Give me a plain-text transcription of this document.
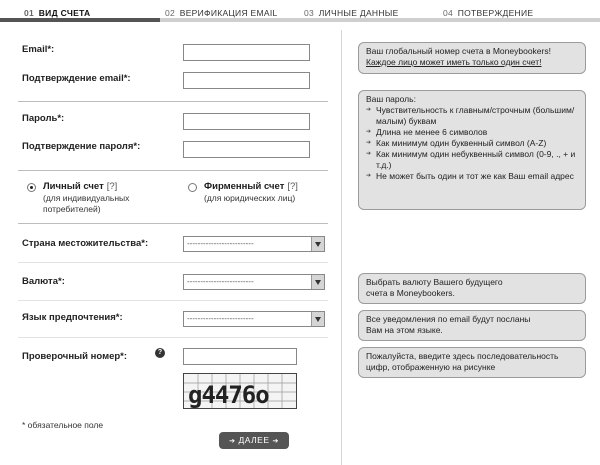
01 ВИД СЧЕТА	02 ВЕРИФИКАЦИЯ EMAIL	03 ЛИЧНЫЕ ДАННЫЕ	04 ПОТВЕРЖДЕНИЕ
Email*:
Подтверждение email*:
Пароль*:
Подтверждение пароля*:
Личный счет [?]
(для индивидуальных потребителей)
Фирменный счет [?]
(для юридических лиц)
Страна местожительства*:	-------------------------
Валюта*:	-------------------------
Язык предпочтения*:	-------------------------
Проверочный номер*:	?
g4476o
* обязательное поле
➔ ДАЛЕЕ ➔
Ваш глобальный номер счета в Moneybookers!
Каждое лицо может иметь только один счет!
Ваш пароль:
➔ Чувствительность к главным/строчным (большим/малым) буквам
➔ Длина не менее 6 символов
➔ Как минимум один буквенный символ (A-Z)
➔ Как минимум один небуквенный символ (0-9, ., + и т.д.)
➔ Не может быть один и тот же как Ваш email адрес
Выбрать валюту Вашего будущего счета в Moneybookers.
Все уведомления по email будут посланы Вам на этом языке.
Пожалуйста, введите здесь последовательность цифр, отображенную на рисунке
